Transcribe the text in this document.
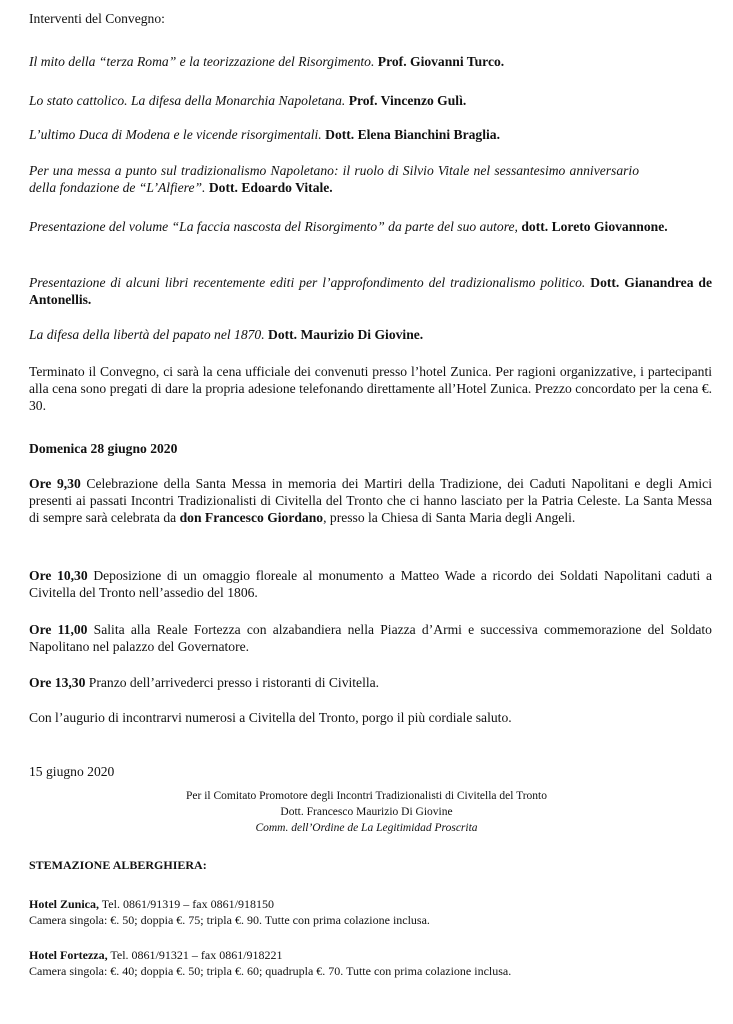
Interventi del Convegno:

Il mito della “terza Roma” e la teorizzazione del Risorgimento. Prof. Giovanni Turco.

Lo stato cattolico. La difesa della Monarchia Napoletana. Prof. Vincenzo Gulì.

L’ultimo Duca di Modena e le vicende risorgimentali. Dott. Elena Bianchini Braglia.

Per una messa a punto sul tradizionalismo Napoletano: il ruolo di Silvio Vitale nel sessantesimo anniversario della fondazione de “L’Alfiere”. Dott. Edoardo Vitale.

Presentazione del volume “La faccia nascosta del Risorgimento” da parte del suo autore, dott. Loreto Giovannone.

Presentazione di alcuni libri recentemente editi per l’approfondimento del tradizionalismo politico. Dott. Gianandrea de Antonellis.

La difesa della libertà del papato nel 1870. Dott. Maurizio Di Giovine.

Terminato il Convegno, ci sarà la cena ufficiale dei convenuti presso l’hotel Zunica. Per ragioni organizzative, i partecipanti alla cena sono pregati di dare la propria adesione telefonando direttamente all’Hotel Zunica. Prezzo concordato per la cena €. 30.

Domenica 28 giugno 2020

Ore 9,30 Celebrazione della Santa Messa in memoria dei Martiri della Tradizione, dei Caduti Napolitani e degli Amici presenti ai passati Incontri Tradizionalisti di Civitella del Tronto che ci hanno lasciato per la Patria Celeste. La Santa Messa di sempre sarà celebrata da don Francesco Giordano, presso la Chiesa di Santa Maria degli Angeli.

Ore 10,30 Deposizione di un omaggio floreale al monumento a Matteo Wade a ricordo dei Soldati Napolitani caduti a Civitella del Tronto nell’assedio del 1806.

Ore 11,00 Salita alla Reale Fortezza con alzabandiera nella Piazza d’Armi e successiva commemorazione del Soldato Napolitano nel palazzo del Governatore.

Ore 13,30 Pranzo dell’arrivederci presso i ristoranti di Civitella.

Con l’augurio di incontrarvi numerosi a Civitella del Tronto, porgo il più cordiale saluto.

15 giugno 2020

Per il Comitato Promotore degli Incontri Tradizionalisti di Civitella del Tronto

Dott. Francesco Maurizio Di Giovine

Comm. dell’Ordine de La Legitimidad Proscrita

STEMAZIONE ALBERGHIERA:

Hotel Zunica, Tel. 0861/91319 – fax 0861/918150

Camera singola: €. 50; doppia €. 75; tripla €. 90. Tutte con prima colazione inclusa.

Hotel Fortezza, Tel. 0861/91321 – fax 0861/918221

Camera singola: €. 40; doppia €. 50; tripla €. 60; quadrupla €. 70. Tutte con prima colazione inclusa.
